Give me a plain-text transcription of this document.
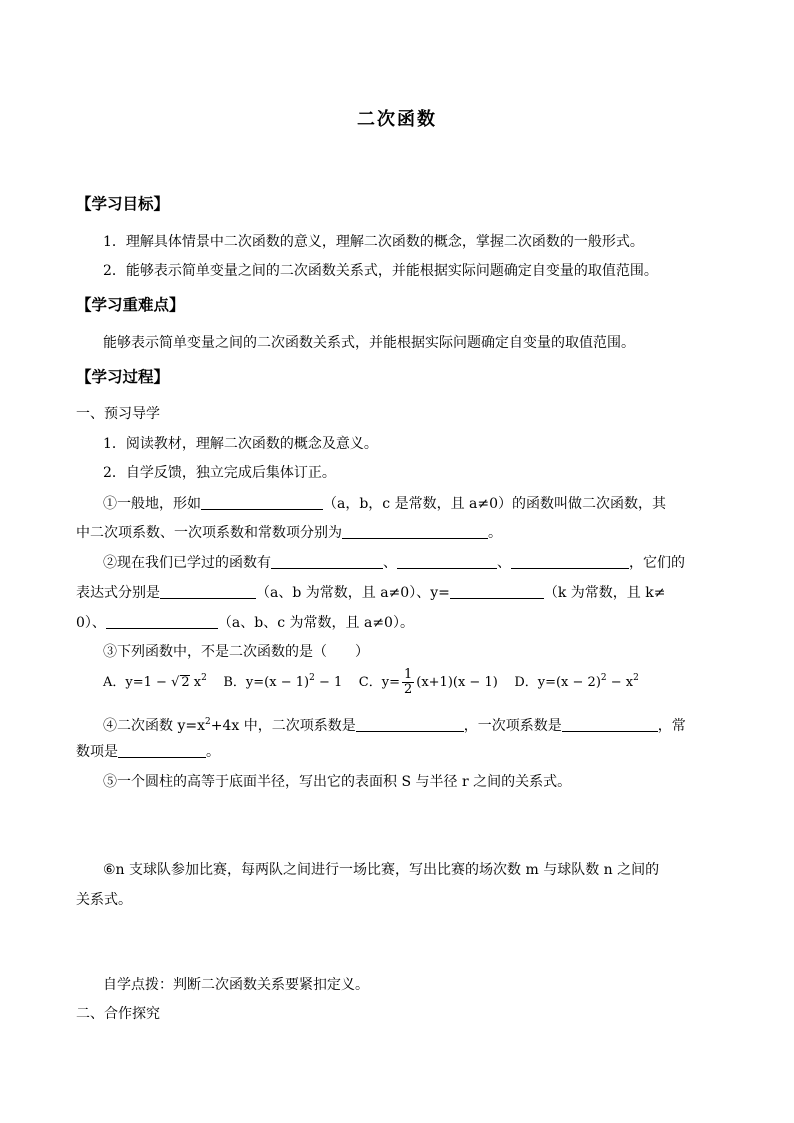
二次函数
【学习目标】
1．理解具体情景中二次函数的意义，理解二次函数的概念，掌握二次函数的一般形式。
2．能够表示简单变量之间的二次函数关系式，并能根据实际问题确定自变量的取值范围。
【学习重难点】
能够表示简单变量之间的二次函数关系式，并能根据实际问题确定自变量的取值范围。
【学习过程】
一、预习导学
1．阅读教材，理解二次函数的概念及意义。
2．自学反馈，独立完成后集体订正。
①一般地，形如	（a，b，c 是常数，且 a≠0）的函数叫做二次函数，其
中二次项系数、一次项系数和常数项分别为	。
②现在我们已学过的函数有	、	、	，它们的
表达式分别是	（a、b 为常数，且 a≠0）、y=	（k 为常数，且 k≠
0）、	（a、b、c 为常数，且 a≠0）。
③下列函数中，不是二次函数的是（　　）
A．y=1 − √ 2 $x^2$ B．$y=(x - 1)^2 - 1$ C．$y= \frac{1}{2} (x+1)(x - 1)$ D．$y=(x - 2)^2 - x^2$
④二次函数 $y=x^2+4x$ 中，二次项系数是	，一次项系数是	，常
数项是	。
⑤一个圆柱的高等于底面半径，写出它的表面积 S 与半径 r 之间的关系式。
⑥n 支球队参加比赛，每两队之间进行一场比赛，写出比赛的场次数 m 与球队数 n 之间的
关系式。
自学点拨：判断二次函数关系要紧扣定义。
二、合作探究
